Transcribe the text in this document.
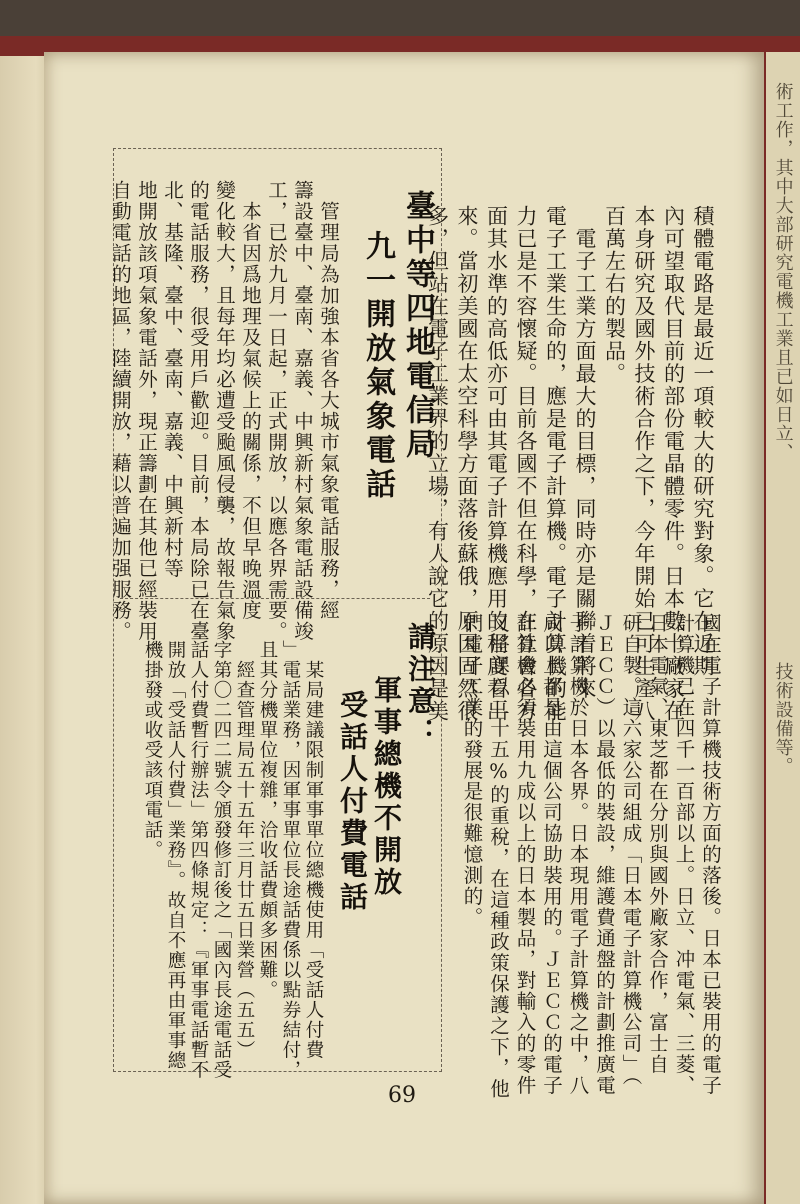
積體電路是最近一項較大的研究對象。它在近期
內可望取代目前的部份電晶體零件。日本數十廠家在
本身研究及國外技術合作之下，今年開始已可生產八
百萬左右的製品。
　電子工業方面最大的目標，同時亦是關聯着將來
電子工業生命的，應是電子計算機。電子計算機的能
力已是不容懷疑。目前各國不但在科學，在社會各方
面其水準的高低亦可由其電子計算機應用的程度看出
來。當初美國在太空科學方面落後蘇俄，原因固然很
多，但站在電子工業界的立場，有人說它的原因是美
國在電子計算機技術方面的落後。日本已裝用的電子
計算機已在四千一百部以上。日立、冲電氣、三菱、
日本電氣、東芝都在分別與國外廠家合作，富士自
研自製。這六家公司組成「日本電子計算機公司」（
ＪＥＣＣ）以最低的裝設，維護費通盤的計劃推廣電
子計算機於日本各界。日本現用電子計算機之中，八
成以上都是由這個公司協助裝用的。ＪＥＣＣ的電子
計算機必須裝用九成以上的日本製品，對輸入的零件
又將課以二十五%的重稅，在這種政策保護之下，他
們電子工業的發展是很難憶測的。
臺中等四地電信局
九一開放氣象電話
　管理局為加強本省各大城市氣象電話服務，經
籌設臺中、臺南、嘉義、中興新村氣象電話設備竣
工，已於九月一日起，正式開放，以應各界需要。
　本省因爲地理及氣候上的關係，不但早晚溫度
變化較大，且每年均必遭受颱風侵襲，故報告氣象
的電話服務，很受用戶歡迎。目前，本局除已在臺
北、基隆、臺中、臺南、嘉義、中興新村等
地開放該項氣象電話外，現正籌劃在其他已經裝用
自動電話的地區，陸續開放，藉以普遍加强服務。
請注意：
軍事總機不開放
受話人付費電話
　某局建議限制軍事單位總機使用「受話人付費
」電話業務，因軍事單位長途話費係以點券結付，
且其分機單位複雜，洽收話費頗多困難。
　經查管理局五十五年三月廿五日業營（五五）
字第〇二四二號令頒發修訂後之「國內長途電話受
話人付費暫行辦法」第四條規定：『軍事電話暫不
開放「受話人付費」業務』。故自不應再由軍事總
機掛發或收受該項電話。
69
術工作，其中大部研究電機工業且已如日立、
技術設備等。
